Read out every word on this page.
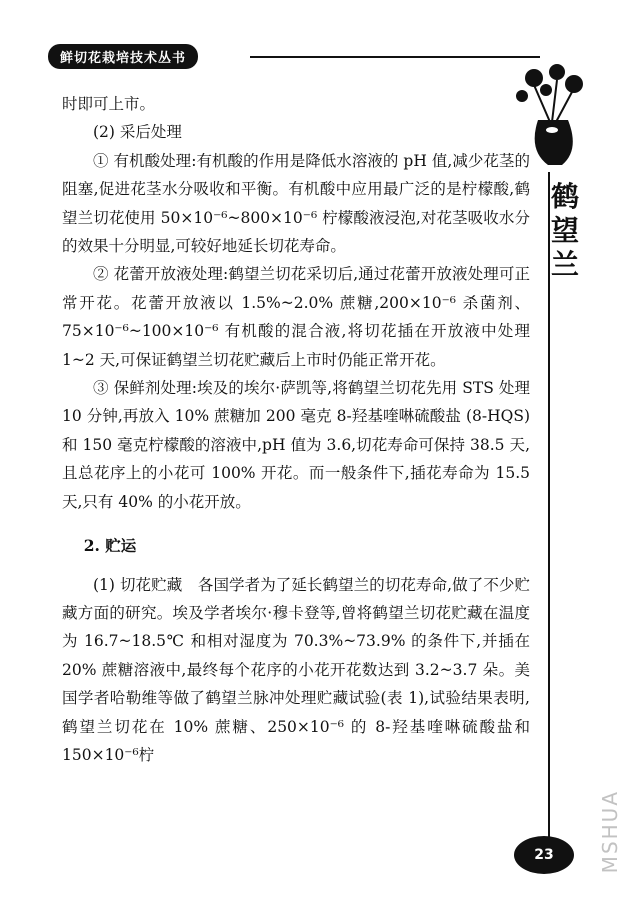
鲜切花栽培技术丛书
鹤望兰

时即可上市。

(2) 采后处理

① 有机酸处理:有机酸的作用是降低水溶液的 pH 值,减少花茎的阻塞,促进花茎水分吸收和平衡。有机酸中应用最广泛的是柠檬酸,鹤望兰切花使用 50×10⁻⁶~800×10⁻⁶ 柠檬酸液浸泡,对花茎吸收水分的效果十分明显,可较好地延长切花寿命。

② 花蕾开放液处理:鹤望兰切花采切后,通过花蕾开放液处理可正常开花。花蕾开放液以 1.5%~2.0% 蔗糖,200×10⁻⁶ 杀菌剂、75×10⁻⁶~100×10⁻⁶ 有机酸的混合液,将切花插在开放液中处理 1~2 天,可保证鹤望兰切花贮藏后上市时仍能正常开花。

③ 保鲜剂处理:埃及的埃尔·萨凯等,将鹤望兰切花先用 STS 处理 10 分钟,再放入 10% 蔗糖加 200 毫克 8-羟基喹啉硫酸盐 (8-HQS) 和 150 毫克柠檬酸的溶液中,pH 值为 3.6,切花寿命可保持 38.5 天,且总花序上的小花可 100% 开花。而一般条件下,插花寿命为 15.5 天,只有 40% 的小花开放。

2. 贮运

(1) 切花贮藏　各国学者为了延长鹤望兰的切花寿命,做了不少贮藏方面的研究。埃及学者埃尔·穆卡登等,曾将鹤望兰切花贮藏在温度为 16.7~18.5℃ 和相对湿度为 70.3%~73.9% 的条件下,并插在 20% 蔗糖溶液中,最终每个花序的小花开花数达到 3.2~3.7 朵。美国学者哈勒维等做了鹤望兰脉冲处理贮藏试验(表 1),试验结果表明,鹤望兰切花在 10% 蔗糖、250×10⁻⁶ 的 8-羟基喹啉硫酸盐和 150×10⁻⁶柠

23	MSHUA
